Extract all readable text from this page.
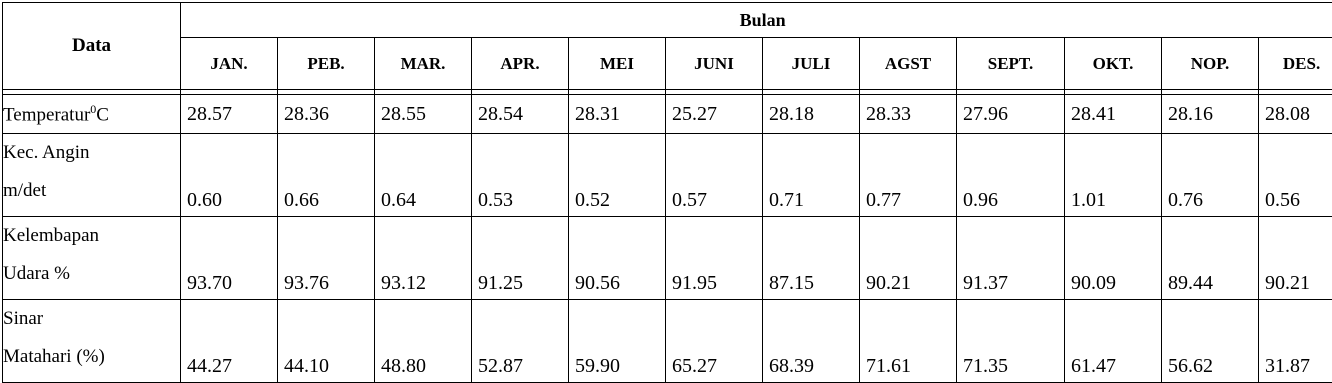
Data	Bulan											
	JAN.	PEB.	MAR.	APR.	MEI	JUNI	JULI	AGST	SEPT.	OKT.	NOP.	DES.

Temperatur$^0$C	28.57	28.36	28.55	28.54	28.31	25.27	28.18	28.33	27.96	28.41	28.16	28.08

Kec. Angin
m/det	0.60	0.66	0.64	0.53	0.52	0.57	0.71	0.77	0.96	1.01	0.76	0.56

Kelembapan
Udara %	93.70	93.76	93.12	91.25	90.56	91.95	87.15	90.21	91.37	90.09	89.44	90.21

Sinar
Matahari (%)	44.27	44.10	48.80	52.87	59.90	65.27	68.39	71.61	71.35	61.47	56.62	31.87
